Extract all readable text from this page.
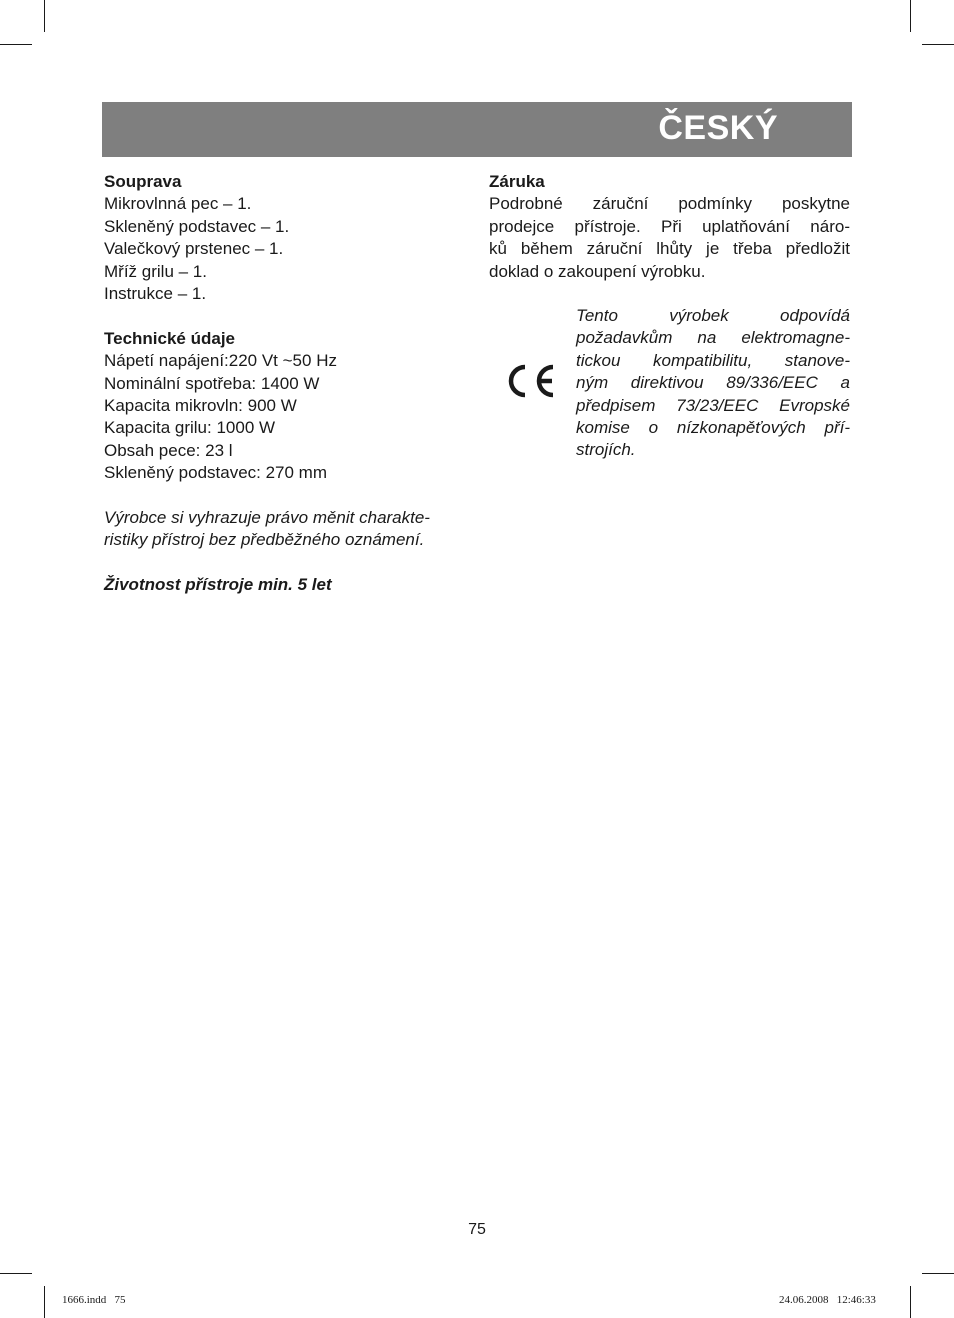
ČESKÝ
Souprava
Mikrovlnná pec – 1.
Skleněný podstavec – 1.
Valečkový prstenec – 1.
Mříž grilu – 1.
Instrukce – 1.
Technické údaje
Nápetí napájení:220 Vt ~50 Hz
Nominální spotřeba: 1400 W
Kapacita mikrovln: 900 W
Kapacita grilu: 1000 W
Obsah pece: 23 l
Skleněný podstavec: 270 mm
Výrobce si vyhrazuje právo měnit charakte-
ristiky přístroj bez předběžného oznámení.
Životnost přístroje min. 5 let
Záruka
Podrobné záruční podmínky poskytne
prodejce přístroje. Při uplatňování náro-
ků během záruční lhůty je třeba předložit
doklad o zakoupení výrobku.
Tento výrobek odpovídá
požadavkům na elektromagne-
tickou kompatibilitu, stanove-
ným direktivou 89/336/EEC a
předpisem 73/23/EEC Evropské
komise o nízkonapěťových pří-
strojích.
75
1666.indd   75	24.06.2008   12:46:33
